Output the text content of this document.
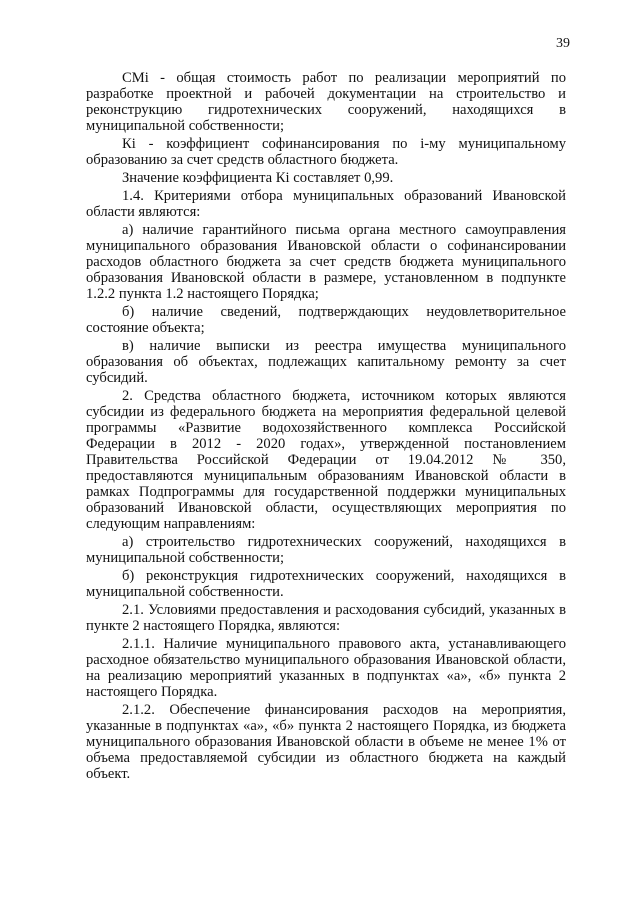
39

СМi - общая стоимость работ по реализации мероприятий по разработке проектной и рабочей документации на строительство и реконструкцию гидротехнических сооружений, находящихся в муниципальной собственности;

Кi - коэффициент софинансирования по i-му муниципальному образованию за счет средств областного бюджета.

Значение коэффициента Кi составляет 0,99.

1.4. Критериями отбора муниципальных образований Ивановской области являются:

а) наличие гарантийного письма органа местного самоуправления муниципального образования Ивановской области о софинансировании расходов областного бюджета за счет средств бюджета муниципального образования Ивановской области в размере, установленном в подпункте 1.2.2 пункта 1.2 настоящего Порядка;

б) наличие сведений, подтверждающих неудовлетворительное состояние объекта;

в) наличие выписки из реестра имущества муниципального образования об объектах, подлежащих капитальному ремонту за счет субсидий.

2. Средства областного бюджета, источником которых являются субсидии из федерального бюджета на мероприятия федеральной целевой программы «Развитие водохозяйственного комплекса Российской Федерации в 2012 - 2020 годах», утвержденной постановлением Правительства Российской Федерации от 19.04.2012 № 350, предоставляются муниципальным образованиям Ивановской области в рамках Подпрограммы для государственной поддержки муниципальных образований Ивановской области, осуществляющих мероприятия по следующим направлениям:

а) строительство гидротехнических сооружений, находящихся в муниципальной собственности;

б) реконструкция гидротехнических сооружений, находящихся в муниципальной собственности.

2.1. Условиями предоставления и расходования субсидий, указанных в пункте 2 настоящего Порядка, являются:

2.1.1. Наличие муниципального правового акта, устанавливающего расходное обязательство муниципального образования Ивановской области, на реализацию мероприятий указанных в подпунктах «а», «б» пункта 2 настоящего Порядка.

2.1.2. Обеспечение финансирования расходов на мероприятия, указанные в подпунктах «а», «б» пункта 2 настоящего Порядка, из бюджета муниципального образования Ивановской области в объеме не менее 1% от объема предоставляемой субсидии из областного бюджета на каждый объект.
